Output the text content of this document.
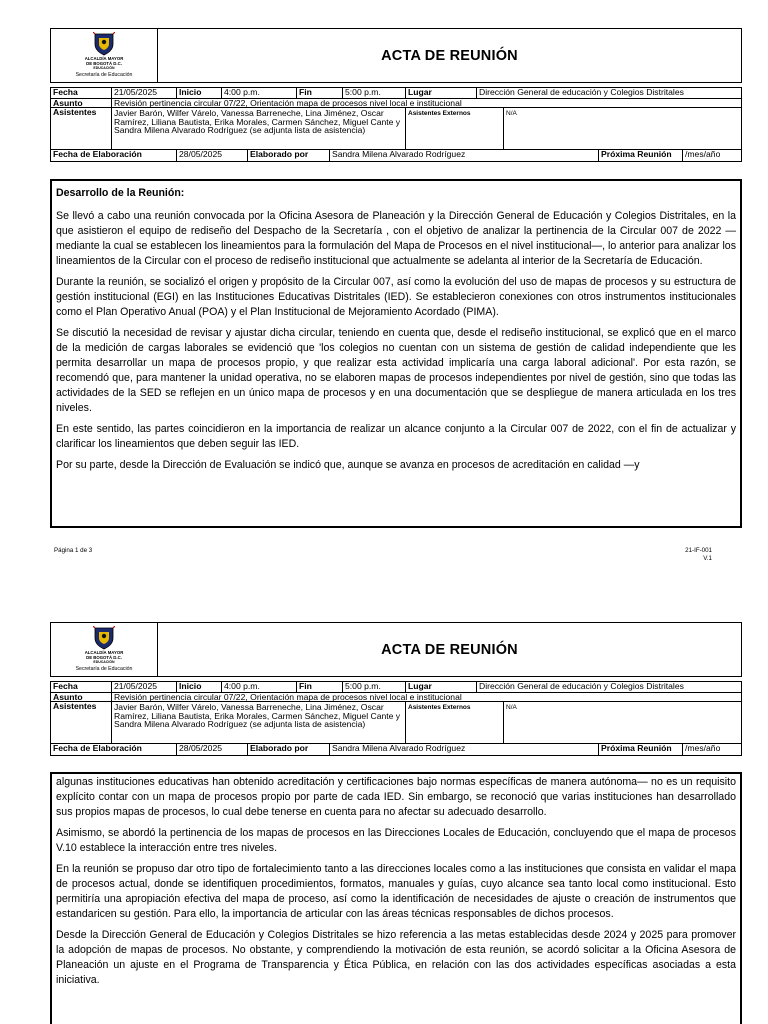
ALCALDÍA MAYOR
DE BOGOTÁ D.C.
EDUCACIÓN
Secretaría de Educación
ACTA DE REUNIÓN
Fecha	21/05/2025	Inicio	4:00 p.m.	Fin	5:00 p.m.	Lugar	Dirección General de educación y Colegios Distritales
Asunto	Revisión pertinencia circular 07/22, Orientación mapa de procesos nivel local e institucional
Asistentes	Javier Barón, Wilfer Várelo, Vanessa Barreneche, Lina Jiménez, Oscar Ramírez, Liliana Bautista, Erika Morales, Carmen Sánchez, Miguel Cante y Sandra Milena Alvarado Rodríguez (se adjunta lista de asistencia)
Asistentes Externos	N/A
Fecha de Elaboración	28/05/2025	Elaborado por	Sandra Milena Alvarado Rodríguez	Próxima Reunión	/mes/año
Desarrollo de la Reunión:

Se llevó a cabo una reunión convocada por la Oficina Asesora de Planeación y la Dirección General de Educación y Colegios Distritales, en la que asistieron el equipo de rediseño del Despacho de la Secretaría , con el objetivo de analizar la pertinencia de la Circular 007 de 2022 —mediante la cual se establecen los lineamientos para la formulación del Mapa de Procesos en el nivel institucional—, lo anterior para analizar los lineamientos de la Circular con el proceso de rediseño institucional que actualmente se adelanta al interior de la Secretaría de Educación.

Durante la reunión, se socializó el origen y propósito de la Circular 007, así como la evolución del uso de mapas de procesos y su estructura de gestión institucional (EGI) en las Instituciones Educativas Distritales (IED). Se establecieron conexiones con otros instrumentos institucionales como el Plan Operativo Anual (POA) y el Plan Institucional de Mejoramiento Acordado (PIMA).

Se discutió la necesidad de revisar y ajustar dicha circular, teniendo en cuenta que, desde el rediseño institucional, se explicó que en el marco de la medición de cargas laborales se evidenció que 'los colegios no cuentan con un sistema de gestión de calidad independiente que les permita desarrollar un mapa de procesos propio, y que realizar esta actividad implicaría una carga laboral adicional'. Por esta razón, se recomendó que, para mantener la unidad operativa, no se elaboren mapas de procesos independientes por nivel de gestión, sino que todas las actividades de la SED se reflejen en un único mapa de procesos y en una documentación que se despliegue de manera articulada en los tres niveles.

En este sentido, las partes coincidieron en la importancia de realizar un alcance conjunto a la Circular 007 de 2022, con el fin de actualizar y clarificar los lineamientos que deben seguir las IED.

Por su parte, desde la Dirección de Evaluación se indicó que, aunque se avanza en procesos de acreditación en calidad —y

Página 1 de 3	21-IF-001
V.1
ALCALDÍA MAYOR
DE BOGOTÁ D.C.
EDUCACIÓN
Secretaría de Educación
ACTA DE REUNIÓN
Fecha	21/05/2025	Inicio	4:00 p.m.	Fin	5:00 p.m.	Lugar	Dirección General de educación y Colegios Distritales
Asunto	Revisión pertinencia circular 07/22, Orientación mapa de procesos nivel local e institucional
Asistentes	Javier Barón, Wilfer Várelo, Vanessa Barreneche, Lina Jiménez, Oscar Ramírez, Liliana Bautista, Erika Morales, Carmen Sánchez, Miguel Cante y Sandra Milena Alvarado Rodríguez (se adjunta lista de asistencia)
Asistentes Externos	N/A
Fecha de Elaboración	28/05/2025	Elaborado por	Sandra Milena Alvarado Rodríguez	Próxima Reunión	/mes/año

algunas instituciones educativas han obtenido acreditación y certificaciones bajo normas específicas de manera autónoma— no es un requisito explícito contar con un mapa de procesos propio por parte de cada IED. Sin embargo, se reconoció que varias instituciones han desarrollado sus propios mapas de procesos, lo cual debe tenerse en cuenta para no afectar su adecuado desarrollo.

Asimismo, se abordó la pertinencia de los mapas de procesos en las Direcciones Locales de Educación, concluyendo que el mapa de procesos V.10 establece la interacción entre tres niveles.

En la reunión se propuso dar otro tipo de fortalecimiento tanto a las direcciones locales como a las instituciones que consista en validar el mapa de procesos actual, donde se identifiquen procedimientos, formatos, manuales y guías, cuyo alcance sea tanto local como institucional. Esto permitiría una apropiación efectiva del mapa de proceso, así como la identificación de necesidades de ajuste o creación de instrumentos que estandaricen su gestión. Para ello, la importancia de articular con las áreas técnicas responsables de dichos procesos.

Desde la Dirección General de Educación y Colegios Distritales se hizo referencia a las metas establecidas desde 2024 y 2025 para promover la adopción de mapas de procesos. No obstante, y comprendiendo la motivación de esta reunión, se acordó solicitar a la Oficina Asesora de Planeación un ajuste en el Programa de Transparencia y Ética Pública, en relación con las dos actividades específicas asociadas a esta iniciativa.
